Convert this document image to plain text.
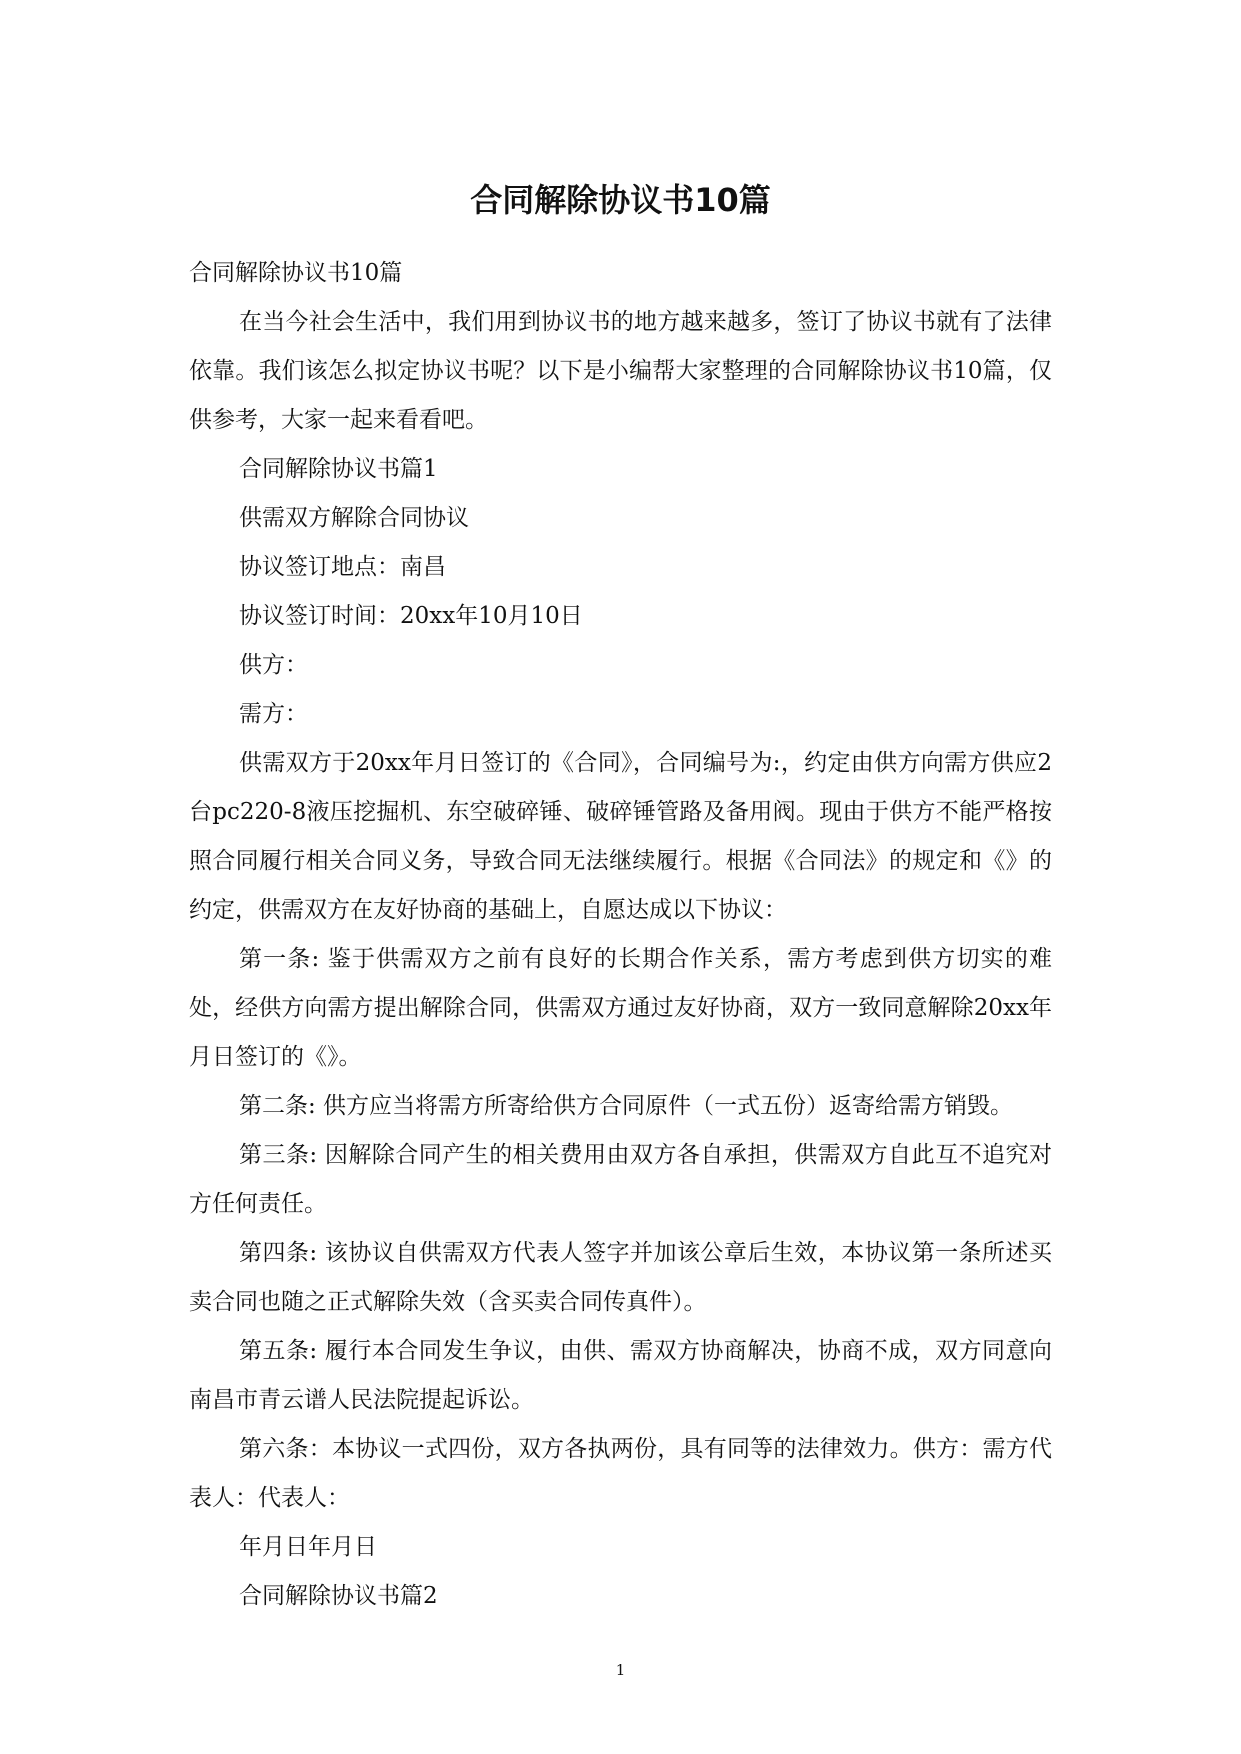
合同解除协议书10篇

合同解除协议书10篇

在当今社会生活中，我们用到协议书的地方越来越多，签订了协议书就有了法律依靠。我们该怎么拟定协议书呢？以下是小编帮大家整理的合同解除协议书10篇，仅供参考，大家一起来看看吧。

合同解除协议书篇1

供需双方解除合同协议

协议签订地点：南昌

协议签订时间：20xx年10月10日

供方：

需方：

供需双方于20xx年月日签订的《合同》，合同编号为:，约定由供方向需方供应2台pc220-8液压挖掘机、东空破碎锤、破碎锤管路及备用阀。现由于供方不能严格按照合同履行相关合同义务，导致合同无法继续履行。根据《合同法》的规定和《》的约定，供需双方在友好协商的基础上，自愿达成以下协议：

第一条: 鉴于供需双方之前有良好的长期合作关系，需方考虑到供方切实的难处，经供方向需方提出解除合同，供需双方通过友好协商，双方一致同意解除20xx年月日签订的《》。

第二条: 供方应当将需方所寄给供方合同原件（一式五份）返寄给需方销毁。

第三条: 因解除合同产生的相关费用由双方各自承担，供需双方自此互不追究对方任何责任。

第四条: 该协议自供需双方代表人签字并加该公章后生效，本协议第一条所述买卖合同也随之正式解除失效（含买卖合同传真件）。

第五条: 履行本合同发生争议，由供、需双方协商解决，协商不成，双方同意向南昌市青云谱人民法院提起诉讼。

第六条：本协议一式四份，双方各执两份，具有同等的法律效力。供方：需方代表人：代表人：

年月日年月日

合同解除协议书篇2

1
